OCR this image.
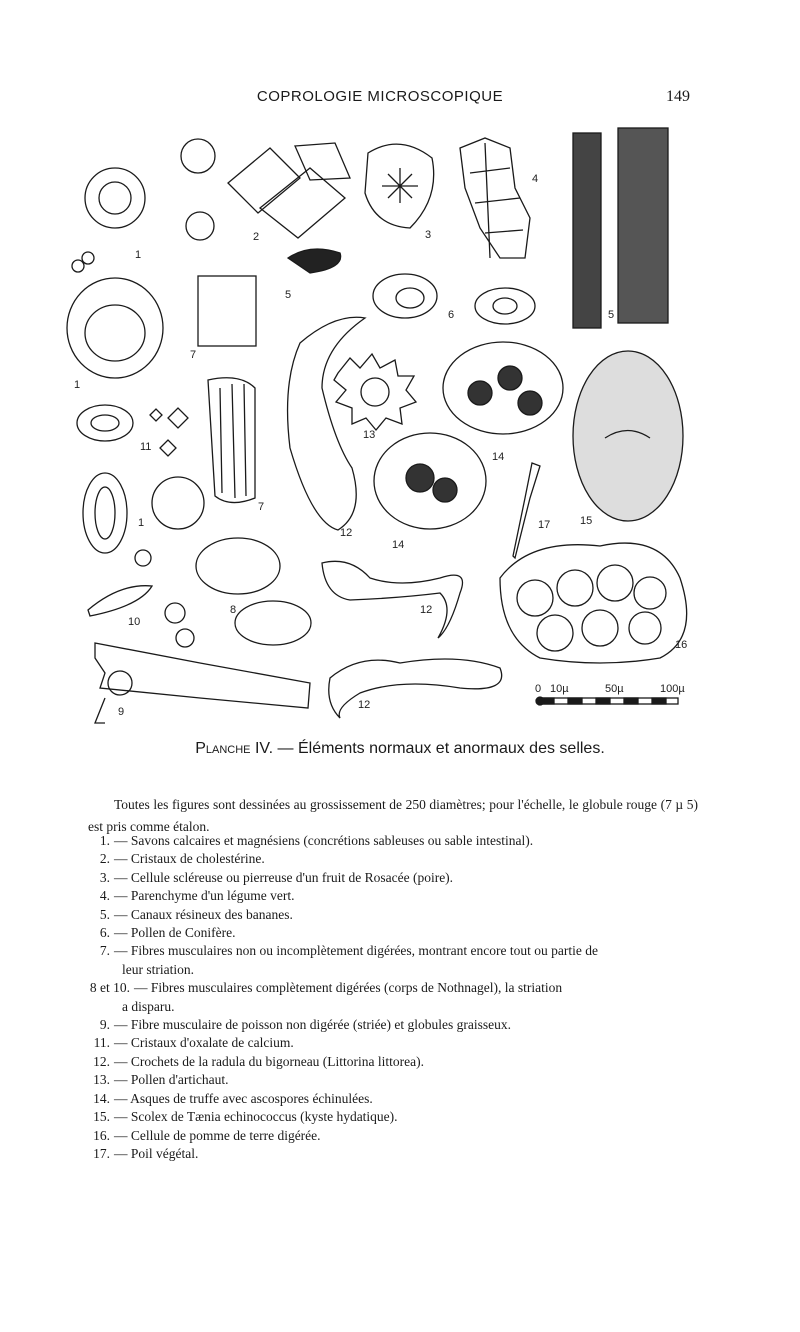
COPROLOGIE MICROSCOPIQUE	149
1
1
1
2	3
4
5
5
6
7
7
12
12
12
13
14
14
15
17
16
8
10
11
9
0 10µ	50µ	100µ
Planche IV. — Éléments normaux et anormaux des selles.

Toutes les figures sont dessinées au grossissement de 250 diamètres; pour l'échelle, le globule rouge (7 µ 5) est pris comme étalon.

1. — Savons calcaires et magnésiens (concrétions sableuses ou sable intestinal).
2. — Cristaux de cholestérine.
3. — Cellule scléreuse ou pierreuse d'un fruit de Rosacée (poire).
4. — Parenchyme d'un légume vert.
5. — Canaux résineux des bananes.
6. — Pollen de Conifère.
7. — Fibres musculaires non ou incomplètement digérées, montrant encore tout ou partie de
leur striation.
8 et 10. — Fibres musculaires complètement digérées (corps de Nothnagel), la striation
a disparu.
9. — Fibre musculaire de poisson non digérée (striée) et globules graisseux.
11. — Cristaux d'oxalate de calcium.
12. — Crochets de la radula du bigorneau (Littorina littorea).
13. — Pollen d'artichaut.
14. — Asques de truffe avec ascospores échinulées.
15. — Scolex de Tænia echinococcus (kyste hydatique).
16. — Cellule de pomme de terre digérée.
17. — Poil végétal.
